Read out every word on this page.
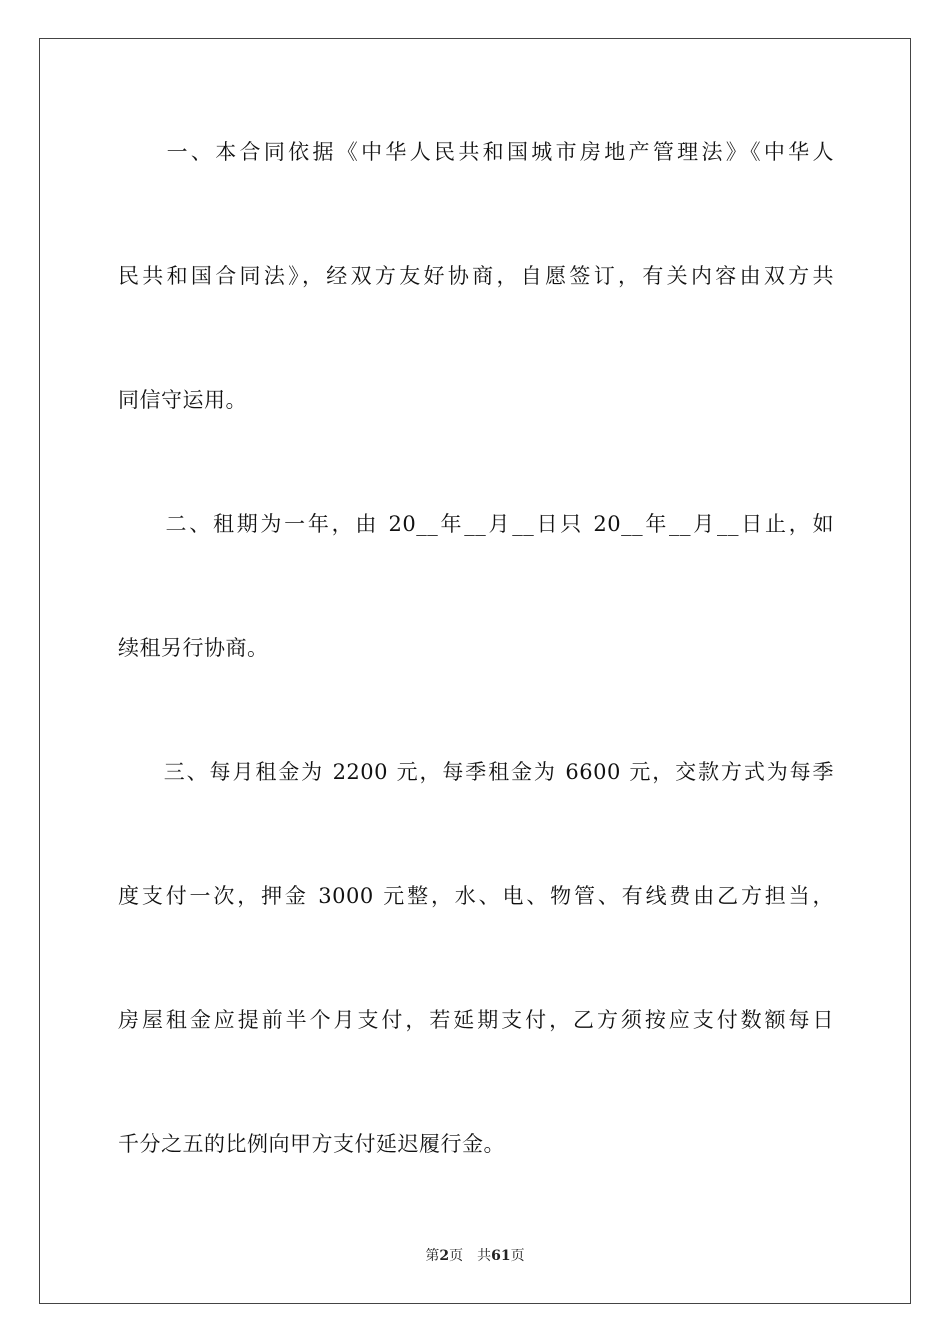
　　一、本合同依据《中华人民共和国城市房地产管理法》《中华人
民共和国合同法》，经双方友好协商，自愿签订，有关内容由双方共
同信守运用。
　　二、租期为一年，由 20__年__月__日只 20__年__月__日止，如
续租另行协商。
　　三、每月租金为 2200 元，每季租金为 6600 元，交款方式为每季
度支付一次，押金 3000 元整，水、电、物管、有线费由乙方担当，
房屋租金应提前半个月支付，若延期支付，乙方须按应支付数额每日
千分之五的比例向甲方支付延迟履行金。
第2页 共61页
